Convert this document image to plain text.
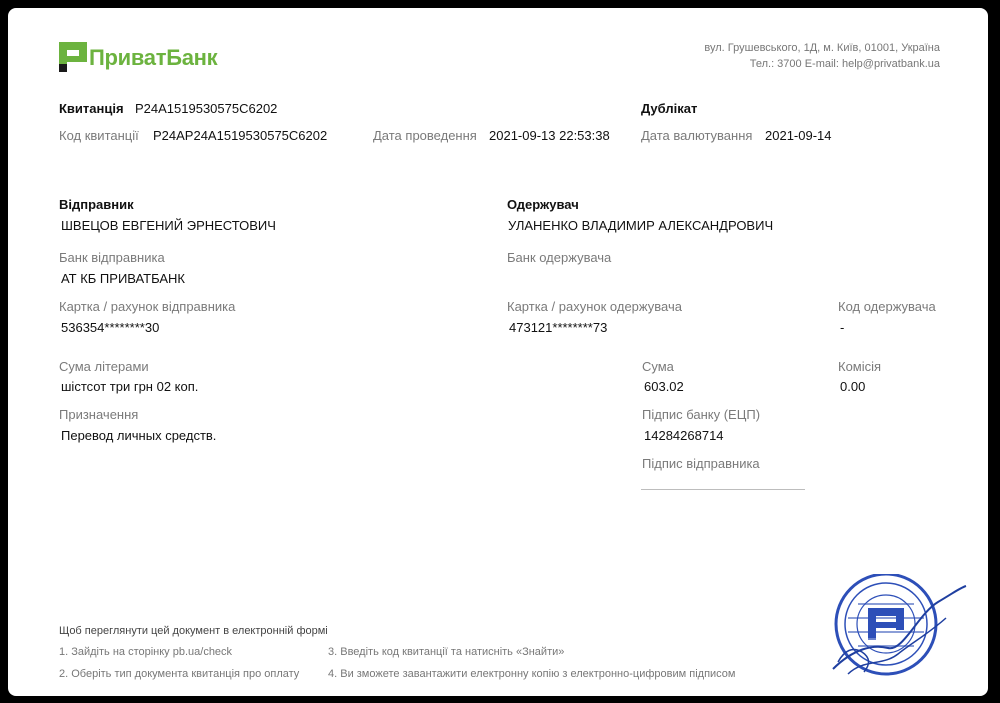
ПриватБанк	вул. Грушевського, 1Д, м. Київ, 01001, Україна
Тел.: 3700 E-mail: help@privatbank.ua
Квитанція P24A1519530575C6202	Дублікат
Код квитанції P24AP24A1519530575C6202	Дата проведення 2021-09-13 22:53:38 Дата валютування 2021-09-14
Відправник
ШВЕЦОВ ЕВГЕНИЙ ЭРНЕСТОВИЧ
Банк відправника
АТ КБ ПРИВАТБАНК
Картка / рахунок відправника
536354********30
Одержувач
УЛАНЕНКО ВЛАДИМИР АЛЕКСАНДРОВИЧ
Банк одержувача
Картка / рахунок одержувача
473121********73
Код одержувача
-
Сума літерами
шістсот три грн 02 коп.
Сума
603.02
Комісія
0.00
Призначення
Перевод личных средств.
Підпис банку (ЕЦП)
14284268714
Підпис відправника
Щоб переглянути цей документ в електронній формі
1. Зайдіть на сторінку pb.ua/check
2. Оберіть тип документа квитанція про оплату
3. Введіть код квитанції та натисніть «Знайти»
4. Ви зможете завантажити електронну копію з електронно-цифровим підписом
